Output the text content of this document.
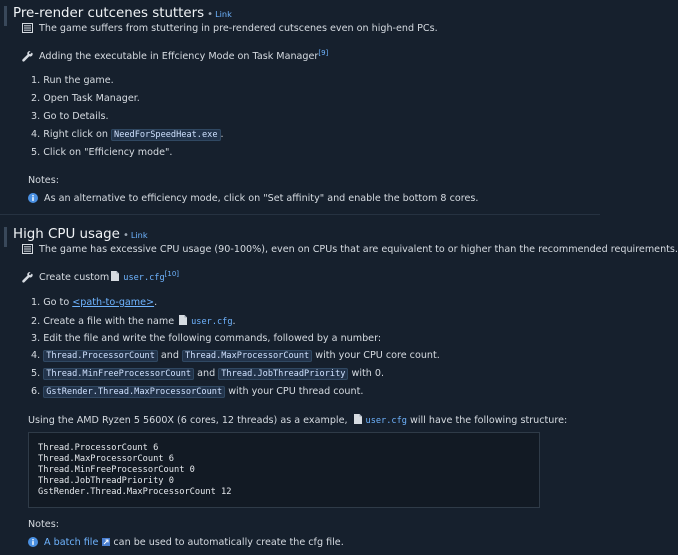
Pre-render cutcenes stutters • Link
The game suffers from stuttering in pre-rendered cutscenes even on high-end PCs.
Adding the executable in Effciency Mode on Task Manager[9]
1. Run the game.
2. Open Task Manager.
3. Go to Details.
4. Right click on NeedForSpeedHeat.exe .
5. Click on "Efficiency mode".
Notes:
As an alternative to efficiency mode, click on "Set affinity" and enable the bottom 8 cores.
High CPU usage • Link
The game has excessive CPU usage (90-100%), even on CPUs that are equivalent to or higher than the recommended requirements.
Create custom user.cfg[10]
1. Go to <path-to-game>.
2. Create a file with the name user.cfg.
3. Edit the file and write the following commands, followed by a number:
4. Thread.ProcessorCount and Thread.MaxProcessorCount with your CPU core count.
5. Thread.MinFreeProcessorCount and Thread.JobThreadPriority with 0.
6. GstRender.Thread.MaxProcessorCount with your CPU thread count.
Using the AMD Ryzen 5 5600X (6 cores, 12 threads) as a example, user.cfg will have the following structure:
Thread.ProcessorCount 6
Thread.MaxProcessorCount 6
Thread.MinFreeProcessorCount 0
Thread.JobThreadPriority 0
GstRender.Thread.MaxProcessorCount 12
Notes:
A batch file
can be used to automatically create the cfg file.
